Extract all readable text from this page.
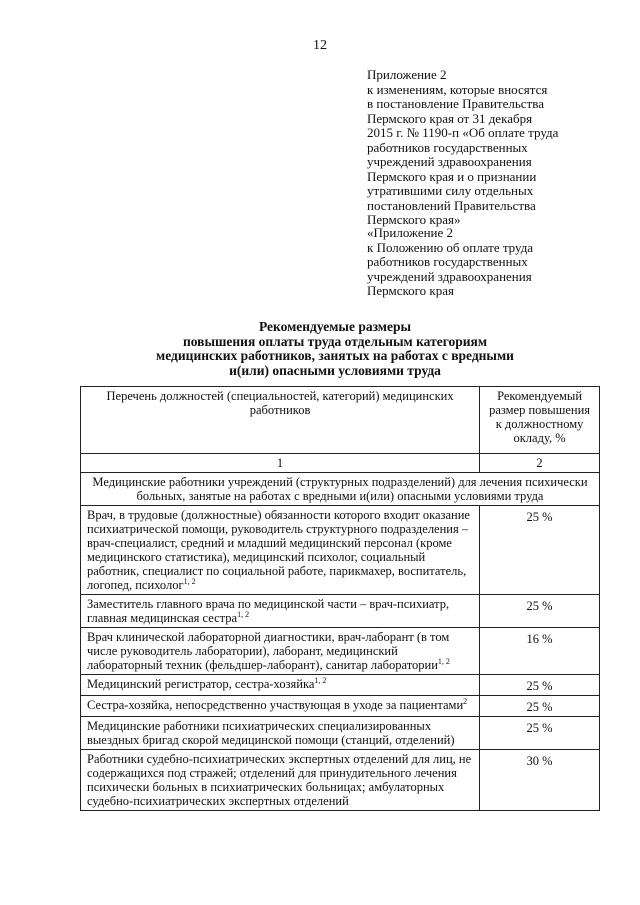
12
Приложение 2
к изменениям, которые вносятся
в постановление Правительства
Пермского края от 31 декабря
2015 г. № 1190-п «Об оплате труда
работников государственных
учреждений здравоохранения
Пермского края и о признании
утратившими силу отдельных
постановлений Правительства
Пермского края»
«Приложение 2
к Положению об оплате труда
работников государственных
учреждений здравоохранения
Пермского края
Рекомендуемые размеры
повышения оплаты труда отдельным категориям
медицинских работников, занятых на работах с вредными
и(или) опасными условиями труда
Перечень должностей (специальностей, категорий) медицинских работников	Рекомендуемый размер повышения к должностному окладу, %
1	2
Медицинские работники учреждений (структурных подразделений) для лечения психически больных, занятые на работах с вредными и(или) опасными условиями труда	
Врач, в трудовые (должностные) обязанности которого входит оказание психиатрической помощи, руководитель структурного подразделения – врач-специалист, средний и младший медицинский персонал (кроме медицинского статистика), медицинский психолог, социальный работник, специалист по социальной работе, парикмахер, воспитатель, логопед, психолог$^{1, 2}$	25 %
Заместитель главного врача по медицинской части – врач-психиатр, главная медицинская сестра$^{1, 2}$	25 %
Врач клинической лабораторной диагностики, врач-лаборант (в том числе руководитель лаборатории), лаборант, медицинский лабораторный техник (фельдшер-лаборант), санитар лаборатории$^{1, 2}$	16 %
Медицинский регистратор, сестра-хозяйка$^{1, 2}$	25 %
Сестра-хозяйка, непосредственно участвующая в уходе за пациентами$^2$	25 %
Медицинские работники психиатрических специализированных выездных бригад скорой медицинской помощи (станций, отделений)	25 %
Работники судебно-психиатрических экспертных отделений для лиц, не содержащихся под стражей; отделений для принудительного лечения психически больных в психиатрических больницах; амбулаторных судебно-психиатрических экспертных отделений	30 %
